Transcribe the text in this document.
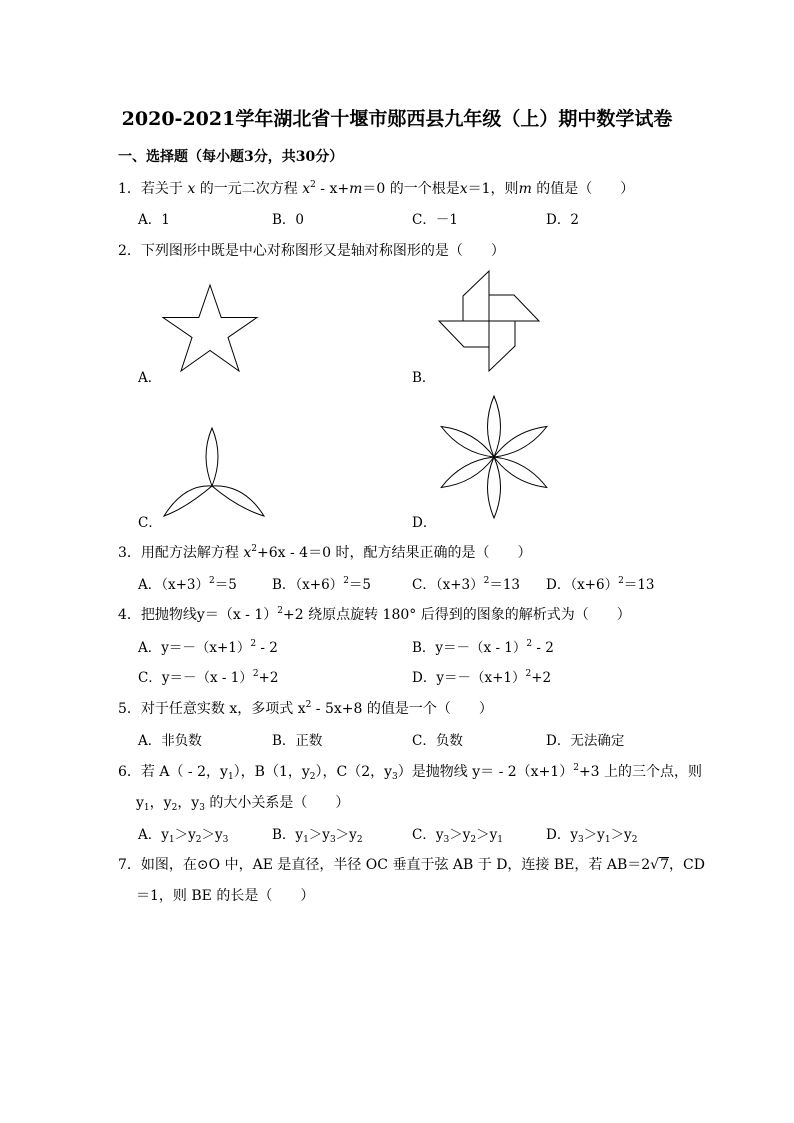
2020-2021学年湖北省十堰市郧西县九年级（上）期中数学试卷
一、选择题（每小题3分，共30分）
1．若关于 x 的一元二次方程 $x^2 - x+m=0$ 的一个根是x＝1，则m 的值是（　　）
A．1	B．0	C．－1	D．2
2．下列图形中既是中心对称图形又是轴对称图形的是（　　）
A．	B．
C．	D．
3．用配方法解方程 $x^2+6x - 4=0$ 时，配方结果正确的是（　　）
A．$(x+3)^2=5$	B．$(x+6)^2=5$	C．$(x+3)^2=13$ D．$(x+6)^2=13$
4．把抛物线y＝（x - 1）$^2$+2 绕原点旋转 180° 后得到的图象的解析式为（　　）
A．$y=-(x+1)^2 - 2$	B．y＝－（x - 1）$^2$ - 2
C．y＝－（x - 1）$^2$+2	D．$y=-(x+1)^2+2$
5．对于任意实数 x，多项式 $x^2 - 5x+8$ 的值是一个（　　）
A．非负数	B．正数	C．负数	D．无法确定
6．若 A（ - 2，$y_1$），B（1，$y_2$），C（2，$y_3$）是抛物线 $y= - 2(x+1)^2+3$ 上的三个点，则
$y_1$，$y_2$，$y_3$ 的大小关系是（　　）
A．$y_1>y_2>y_3$	B．$y_1>y_3>y_2$	C．$y_3>y_2>y_1$	D．$y_3>y_1>y_2$
7．如图，在⊙O 中，AE 是直径，半径 OC 垂直于弦 AB 于 D，连接 BE，若 AB＝2√7，CD
＝1，则 BE 的长是（　　）
